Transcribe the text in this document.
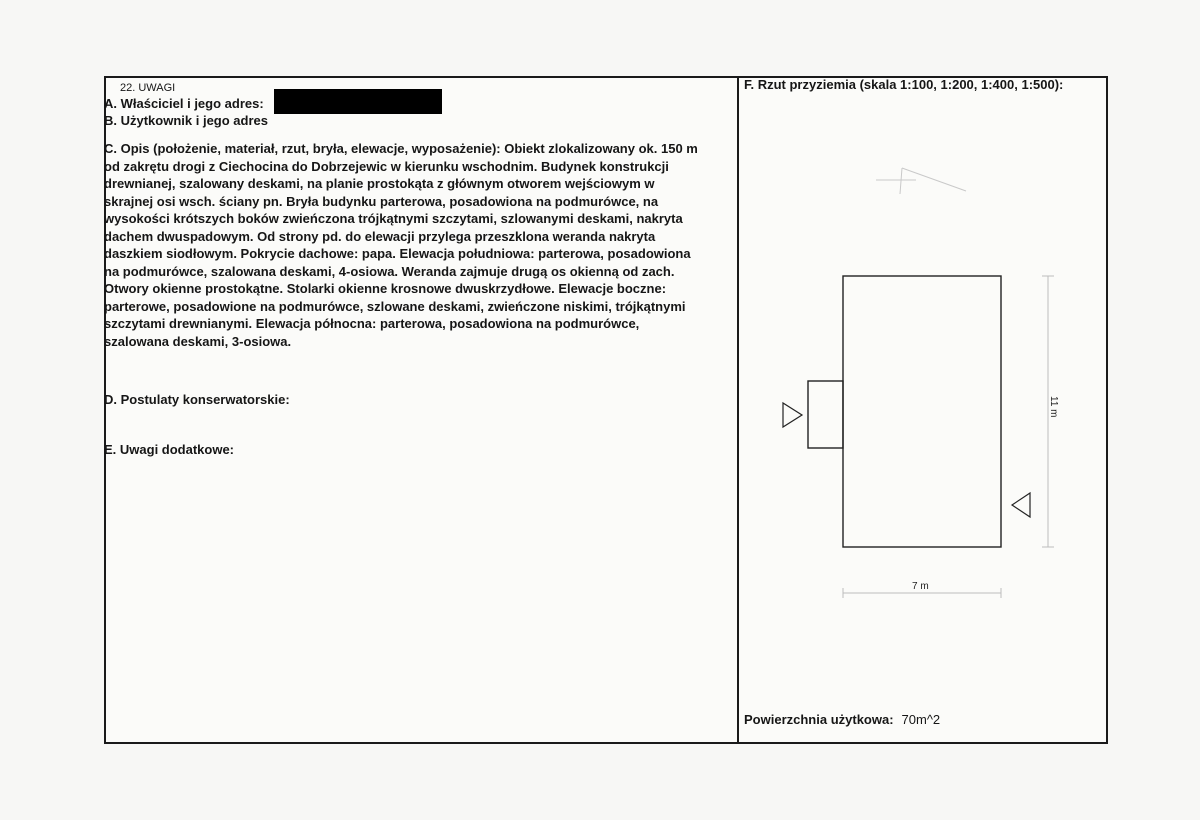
22. UWAGI
A. Właściciel i jego adres:
B. Użytkownik i jego adres
C. Opis (położenie, materiał, rzut, bryła, elewacje, wyposażenie): Obiekt zlokalizowany ok. 150 m
od zakrętu drogi z Ciechocina do Dobrzejewic w kierunku wschodnim. Budynek konstrukcji
drewnianej, szalowany deskami, na planie prostokąta z głównym otworem wejściowym w
skrajnej osi wsch. ściany pn. Bryła budynku parterowa, posadowiona na podmurówce, na
wysokości krótszych boków zwieńczona trójkątnymi szczytami, szlowanymi deskami, nakryta
dachem dwuspadowym. Od strony pd. do elewacji przylega przeszklona weranda nakryta
daszkiem siodłowym. Pokrycie dachowe: papa. Elewacja południowa: parterowa, posadowiona
na podmurówce, szalowana deskami, 4-osiowa. Weranda zajmuje drugą os okienną od zach.
Otwory okienne prostokątne. Stolarki okienne krosnowe dwuskrzydłowe. Elewacje boczne:
parterowe, posadowione na podmurówce, szlowane deskami, zwieńczone niskimi, trójkątnymi
szczytami drewnianymi. Elewacja północna: parterowa, posadowiona na podmurówce,
szalowana deskami, 3-osiowa.
D. Postulaty konserwatorskie:
E. Uwagi dodatkowe:
F. Rzut przyziemia (skala 1:100, 1:200, 1:400, 1:500):
11 m
7 m
Powierzchnia użytkowa: 70m^2
